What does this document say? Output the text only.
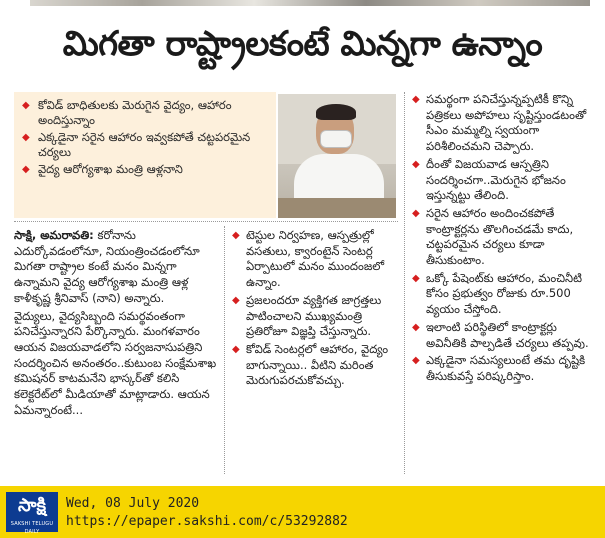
మిగతా రాష్ట్రాలకంటే మిన్నగా ఉన్నాం
◆ కోవిడ్ బాధితులకు మెరుగైన వైద్యం, ఆహారం అందిస్తున్నాం
◆ ఎక్కడైనా సరైన ఆహారం ఇవ్వకపోతే చట్టపరమైన చర్యలు
◆ వైద్య ఆరోగ్యశాఖ మంత్రి ఆళ్లనాని

సాక్షి, అమరావతి: కరోనాను ఎదుర్కోవడంలోనూ, నియంత్రించడంలోనూ మిగతా రాష్ట్రాల కంటే మనం మిన్నగా ఉన్నామని వైద్య ఆరోగ్యశాఖ మంత్రి ఆళ్ల కాళీకృష్ణ శ్రీనివాస్ (నాని) అన్నారు.

వైద్యులు, వైద్యసిబ్బంది సమర్థవంతంగా పనిచేస్తున్నారని పేర్కొన్నారు. మంగళవారం ఆయన విజయవాడలోని సర్వజనాసుపత్రిని సందర్శించిన అనంతరం..కుటుంబ సంక్షేమశాఖ కమిషనర్ కాటమనేని భాస్కర్‌తో కలిసి కలెక్టరేట్‌లో మీడియాతో మాట్లాడారు. ఆయన ఏమన్నారంటే...

◆ టెస్టుల నిర్వహణ, ఆస్పత్రుల్లో వసతులు, క్వారంటైన్ సెంటర్ల ఏర్పాటులో మనం ముందంజలో ఉన్నాం.
◆ ప్రజలందరూ వ్యక్తిగత జాగ్రత్తలు పాటించాలని ముఖ్యమంత్రి ప్రతిరోజూ విజ్ఞప్తి చేస్తున్నారు.
◆ కోవిడ్ సెంటర్లలో ఆహారం, వైద్యం బాగున్నాయి.. వీటిని మరింత మెరుగుపరచుకోవచ్చు.
◆ సమర్థంగా పనిచేస్తున్నప్పటికీ కొన్ని పత్రికలు అపోహలు సృష్టిస్తుండటంతో సీఎం మమ్మల్ని స్వయంగా పరిశీలించమని చెప్పారు.
◆ దీంతో విజయవాడ ఆస్పత్రిని సందర్శించగా..మెరుగైన భోజనం ఇస్తున్నట్టు తేలింది.
◆ సరైన ఆహారం అందించకపోతే కాంట్రాక్టర్లను తొలగించడమే కాదు, చట్టపరమైన చర్యలు కూడా తీసుకుంటాం.
◆ ఒక్కో పేషెంట్‌కు ఆహారం, మంచినీటి కోసం ప్రభుత్వం రోజుకు రూ.500 వ్యయం చేస్తోంది.
◆ ఇలాంటి పరిస్థితిలో కాంట్రాక్టర్లు అవినీతికి పాల్పడితే చర్యలు తప్పవు.
◆ ఎక్కడైనా సమస్యలుంటే తమ దృష్టికి తీసుకువస్తే పరిష్కరిస్తాం.
సాక్షి
SAKSHI TELUGU DAILY
Wed, 08 July 2020
https://epaper.sakshi.com/c/53292882
